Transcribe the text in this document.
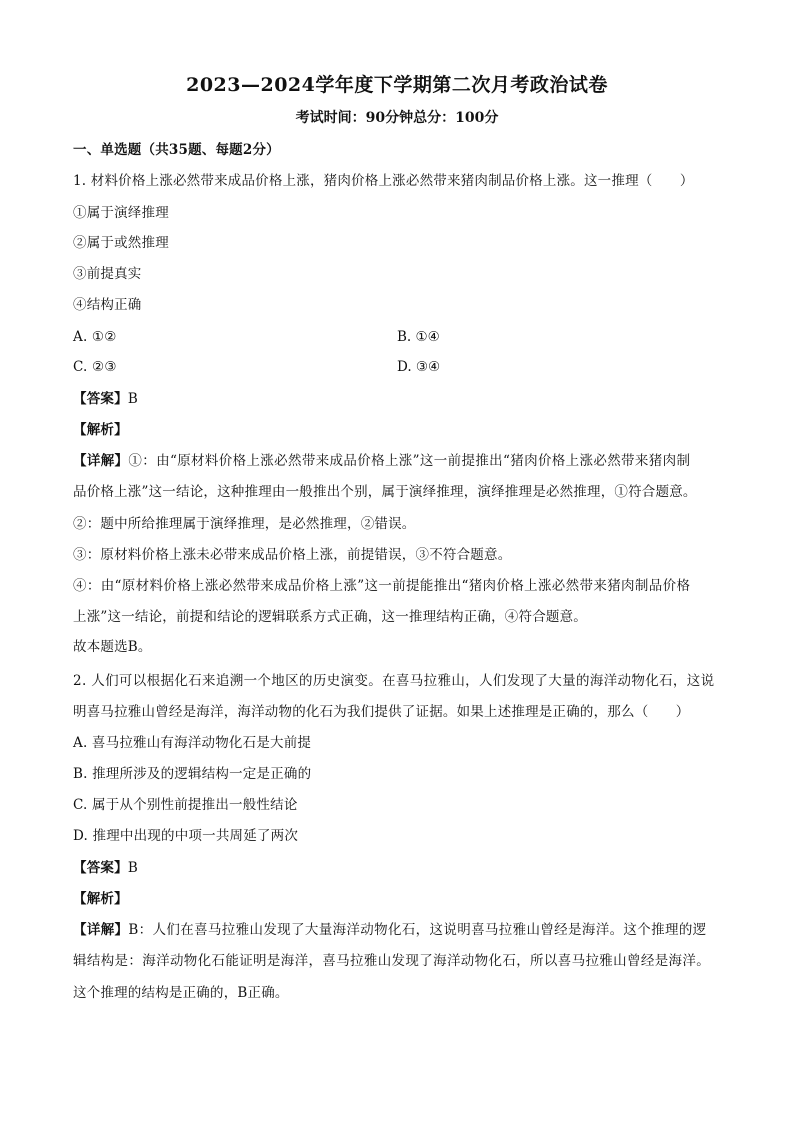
2023—2024学年度下学期第二次月考政治试卷
考试时间：90分钟总分：100分
一、单选题（共35题、每题2分）
1. 材料价格上涨必然带来成品价格上涨，猪肉价格上涨必然带来猪肉制品价格上涨。这一推理（　　）
①属于演绎推理
②属于或然推理
③前提真实
④结构正确
A. ①②	B. ①④
C. ②③	D. ③④
【答案】B
【解析】
【详解】①：由“原材料价格上涨必然带来成品价格上涨”这一前提推出“猪肉价格上涨必然带来猪肉制
品价格上涨”这一结论，这种推理由一般推出个别，属于演绎推理，演绎推理是必然推理，①符合题意。
②：题中所给推理属于演绎推理，是必然推理，②错误。
③：原材料价格上涨未必带来成品价格上涨，前提错误，③不符合题意。
④：由“原材料价格上涨必然带来成品价格上涨”这一前提能推出“猪肉价格上涨必然带来猪肉制品价格
上涨”这一结论，前提和结论的逻辑联系方式正确，这一推理结构正确，④符合题意。
故本题选B。
2. 人们可以根据化石来追溯一个地区的历史演变。在喜马拉雅山，人们发现了大量的海洋动物化石，这说
明喜马拉雅山曾经是海洋，海洋动物的化石为我们提供了证据。如果上述推理是正确的，那么（　　）
A. 喜马拉雅山有海洋动物化石是大前提
B. 推理所涉及的逻辑结构一定是正确的
C. 属于从个别性前提推出一般性结论
D. 推理中出现的中项一共周延了两次
【答案】B
【解析】
【详解】B：人们在喜马拉雅山发现了大量海洋动物化石，这说明喜马拉雅山曾经是海洋。这个推理的逻
辑结构是：海洋动物化石能证明是海洋，喜马拉雅山发现了海洋动物化石，所以喜马拉雅山曾经是海洋。
这个推理的结构是正确的，B正确。
